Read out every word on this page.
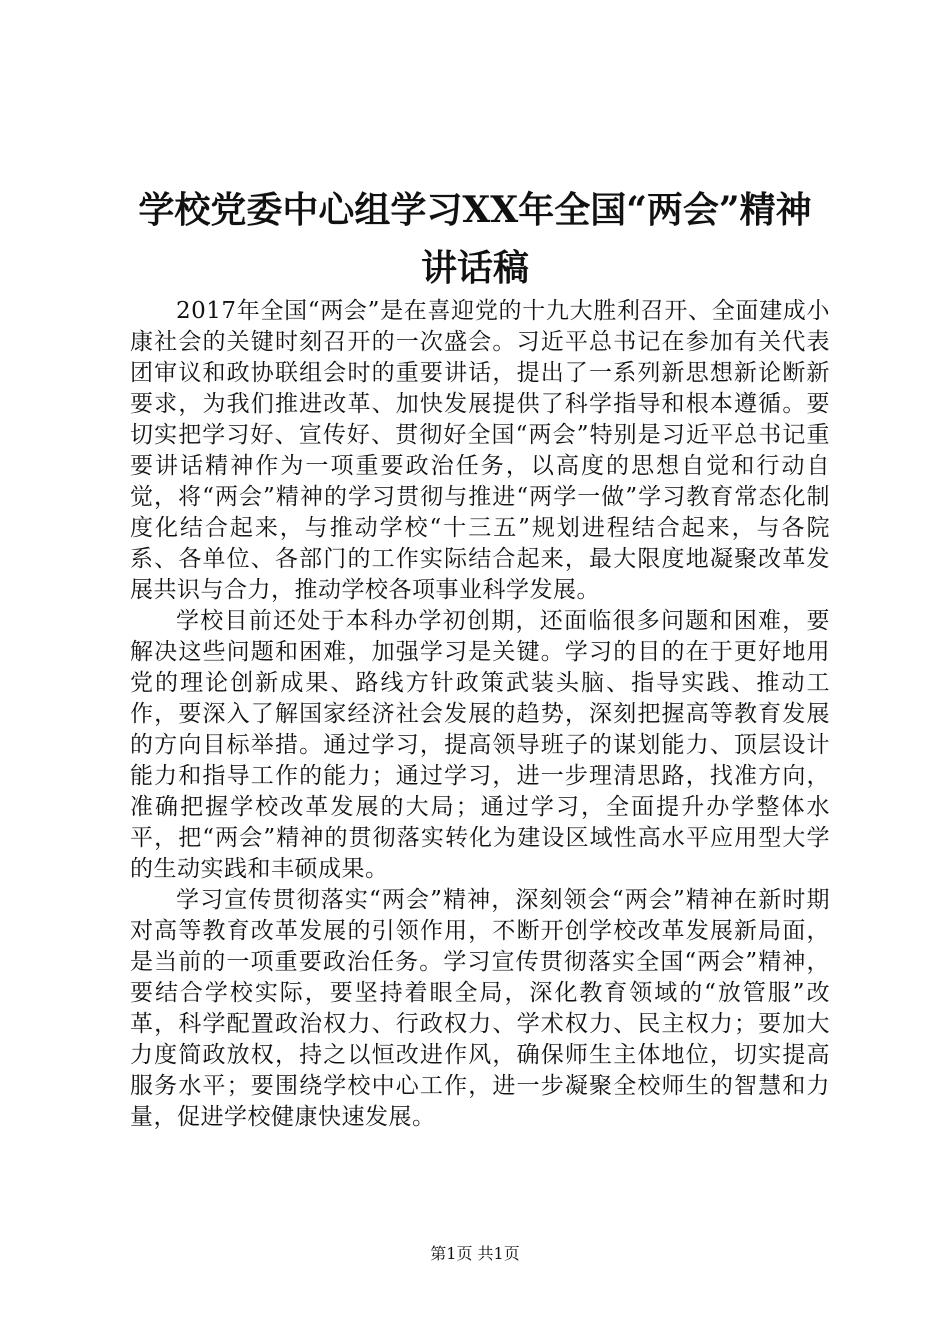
学校党委中心组学习XX年全国“两会”精神
讲话稿

2017年全国“两会”是在喜迎党的十九大胜利召开、全面建成小康社会的关键时刻召开的一次盛会。习近平总书记在参加有关代表团审议和政协联组会时的重要讲话，提出了一系列新思想新论断新要求，为我们推进改革、加快发展提供了科学指导和根本遵循。要切实把学习好、宣传好、贯彻好全国“两会”特别是习近平总书记重要讲话精神作为一项重要政治任务，以高度的思想自觉和行动自觉，将“两会”精神的学习贯彻与推进“两学一做”学习教育常态化制度化结合起来，与推动学校“十三五”规划进程结合起来，与各院系、各单位、各部门的工作实际结合起来，最大限度地凝聚改革发展共识与合力，推动学校各项事业科学发展。

学校目前还处于本科办学初创期，还面临很多问题和困难，要解决这些问题和困难，加强学习是关键。学习的目的在于更好地用党的理论创新成果、路线方针政策武装头脑、指导实践、推动工作，要深入了解国家经济社会发展的趋势，深刻把握高等教育发展的方向目标举措。通过学习，提高领导班子的谋划能力、顶层设计能力和指导工作的能力；通过学习，进一步理清思路，找准方向，准确把握学校改革发展的大局；通过学习，全面提升办学整体水平，把“两会”精神的贯彻落实转化为建设区域性高水平应用型大学的生动实践和丰硕成果。

学习宣传贯彻落实“两会”精神，深刻领会“两会”精神在新时期对高等教育改革发展的引领作用，不断开创学校改革发展新局面，是当前的一项重要政治任务。学习宣传贯彻落实全国“两会”精神，要结合学校实际，要坚持着眼全局，深化教育领域的“放管服”改革，科学配置政治权力、行政权力、学术权力、民主权力；要加大力度简政放权，持之以恒改进作风，确保师生主体地位，切实提高服务水平；要围绕学校中心工作，进一步凝聚全校师生的智慧和力量，促进学校健康快速发展。

第1页 共1页
